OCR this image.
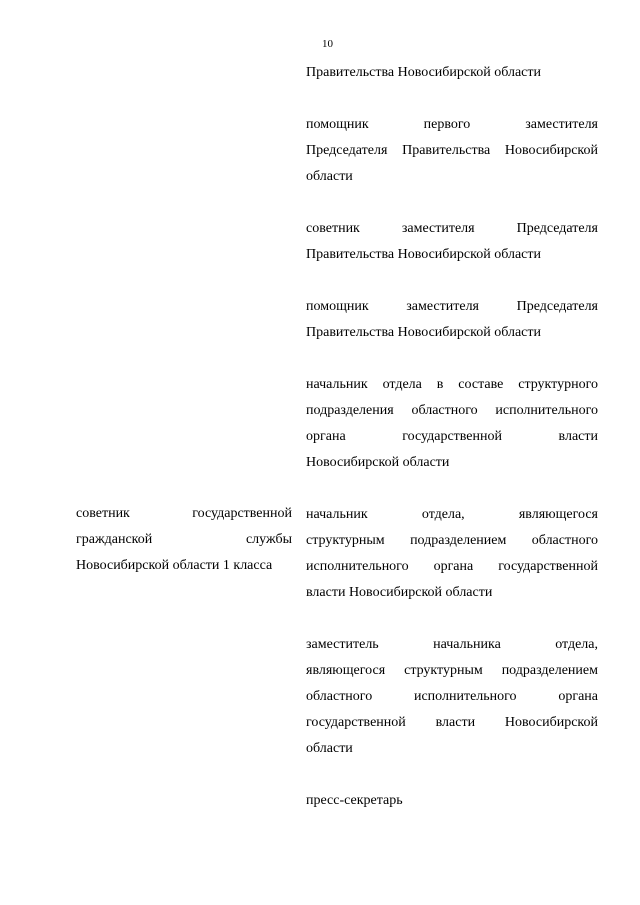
10
советник государственной
гражданской службы
Новосибирской области 1 класса
Правительства Новосибирской области
помощник первого заместителя
Председателя Правительства Новосибирской
области
советник заместителя Председателя
Правительства Новосибирской области
помощник заместителя Председателя
Правительства Новосибирской области
начальник отдела в составе структурного
подразделения областного исполнительного
органа государственной власти
Новосибирской области
начальник отдела, являющегося
структурным подразделением областного
исполнительного органа государственной
власти Новосибирской области
заместитель начальника отдела,
являющегося структурным подразделением
областного исполнительного органа
государственной власти Новосибирской
области
пресс-секретарь
